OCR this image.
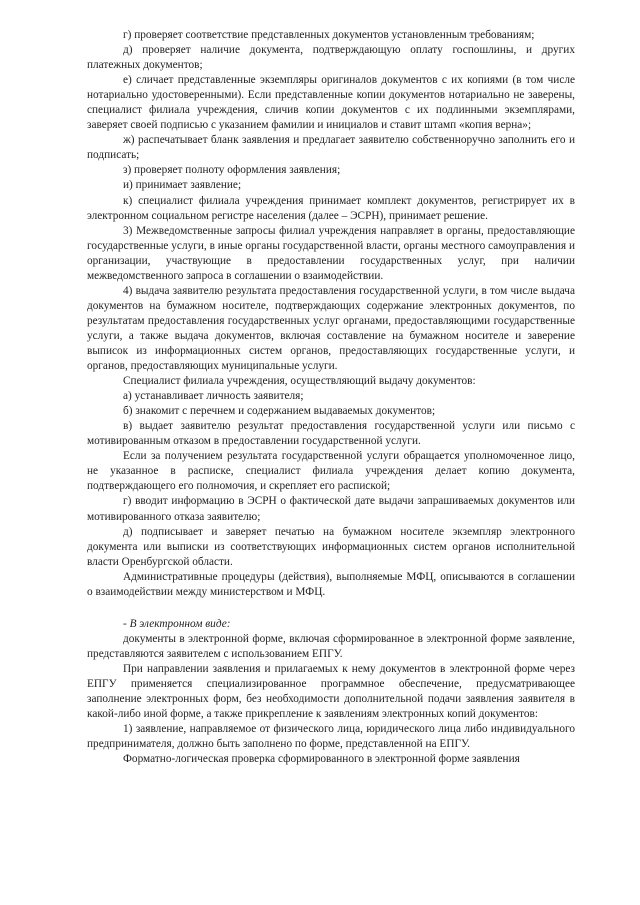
г) проверяет соответствие представленных документов установленным требованиям;

д) проверяет наличие документа, подтверждающую оплату госпошлины, и других платежных документов;

е) сличает представленные экземпляры оригиналов документов с их копиями (в том числе нотариально удостоверенными). Если представленные копии документов нотариально не заверены, специалист филиала учреждения, сличив копии документов с их подлинными экземплярами, заверяет своей подписью с указанием фамилии и инициалов и ставит штамп «копия верна»;

ж) распечатывает бланк заявления и предлагает заявителю собственноручно заполнить его и подписать;

з) проверяет полноту оформления заявления;

и) принимает заявление;

к) специалист филиала учреждения принимает комплект документов, регистрирует их в электронном социальном регистре населения (далее – ЭСРН), принимает решение.

3) Межведомственные запросы филиал учреждения направляет в органы, предоставляющие государственные услуги, в иные органы государственной власти, органы местного самоуправления и организации, участвующие в предоставлении государственных услуг, при наличии межведомственного запроса в соглашении о взаимодействии.

4) выдача заявителю результата предоставления государственной услуги, в том числе выдача документов на бумажном носителе, подтверждающих содержание электронных документов, по результатам предоставления государственных услуг органами, предоставляющими государственные услуги, а также выдача документов, включая составление на бумажном носителе и заверение выписок из информационных систем органов, предоставляющих государственные услуги, и органов, предоставляющих муниципальные услуги.

Специалист филиала учреждения, осуществляющий выдачу документов:

а) устанавливает личность заявителя;

б) знакомит с перечнем и содержанием выдаваемых документов;

в) выдает заявителю результат предоставления государственной услуги или письмо с мотивированным отказом в предоставлении государственной услуги.

Если за получением результата государственной услуги обращается уполномоченное лицо, не указанное в расписке, специалист филиала учреждения делает копию документа, подтверждающего его полномочия, и скрепляет его распиской;

г) вводит информацию в ЭСРН о фактической дате выдачи запрашиваемых документов или мотивированного отказа заявителю;

д) подписывает и заверяет печатью на бумажном носителе экземпляр электронного документа или выписки из соответствующих информационных систем органов исполнительной власти Оренбургской области.

Административные процедуры (действия), выполняемые МФЦ, описываются в соглашении о взаимодействии между министерством и МФЦ.

- В электронном виде:

документы в электронной форме, включая сформированное в электронной форме заявление, представляются заявителем с использованием ЕПГУ.

При направлении заявления и прилагаемых к нему документов в электронной форме через ЕПГУ применяется специализированное программное обеспечение, предусматривающее заполнение электронных форм, без необходимости дополнительной подачи заявления заявителя в какой-либо иной форме, а также прикрепление к заявлениям электронных копий документов:

1) заявление, направляемое от физического лица, юридического лица либо индивидуального предпринимателя, должно быть заполнено по форме, представленной на ЕПГУ.

Форматно-логическая проверка сформированного в электронной форме заявления
